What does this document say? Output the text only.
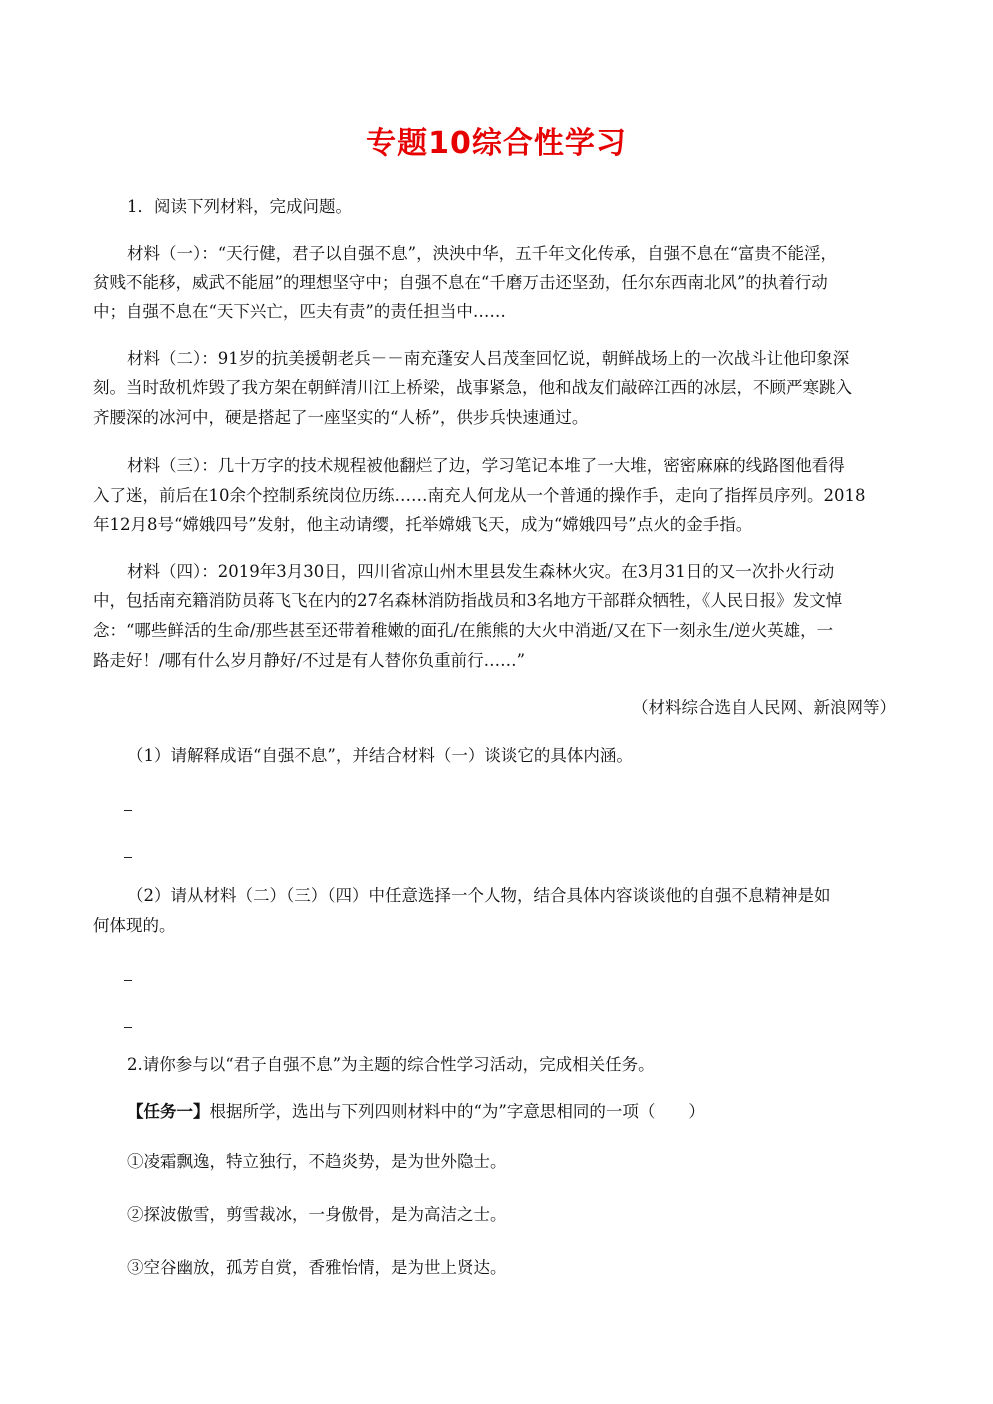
专题10综合性学习
1．阅读下列材料，完成问题。
材料（一）：“天行健，君子以自强不息”，泱泱中华，五千年文化传承，自强不息在“富贵不能淫，
贫贱不能移，威武不能屈”的理想坚守中；自强不息在“千磨万击还坚劲，任尔东西南北风”的执着行动
中；自强不息在“天下兴亡，匹夫有责”的责任担当中……
材料（二）：91岁的抗美援朝老兵－－南充蓬安人吕茂奎回忆说，朝鲜战场上的一次战斗让他印象深
刻。当时敌机炸毁了我方架在朝鲜清川江上桥梁，战事紧急，他和战友们敲碎江西的冰层，不顾严寒跳入
齐腰深的冰河中，硬是搭起了一座坚实的“人桥”，供步兵快速通过。
材料（三）：几十万字的技术规程被他翻烂了边，学习笔记本堆了一大堆，密密麻麻的线路图他看得
入了迷，前后在10余个控制系统岗位历练……南充人何龙从一个普通的操作手，走向了指挥员序列。2018
年12月8号“嫦娥四号”发射，他主动请缨，托举嫦娥飞天，成为“嫦娥四号”点火的金手指。
材料（四）：2019年3月30日，四川省凉山州木里县发生森林火灾。在3月31日的又一次扑火行动
中，包括南充籍消防员蒋飞飞在内的27名森林消防指战员和3名地方干部群众牺牲，《人民日报》发文悼
念：“哪些鲜活的生命/那些甚至还带着稚嫩的面孔/在熊熊的大火中消逝/又在下一刻永生/逆火英雄，一
路走好！/哪有什么岁月静好/不过是有人替你负重前行……”
（材料综合选自人民网、新浪网等）
（1）请解释成语“自强不息”，并结合材料（一）谈谈它的具体内涵。
（2）请从材料（二）（三）（四）中任意选择一个人物，结合具体内容谈谈他的自强不息精神是如
何体现的。
2.请你参与以“君子自强不息”为主题的综合性学习活动，完成相关任务。
【任务一】根据所学，选出与下列四则材料中的“为”字意思相同的一项（　　）
①凌霜飘逸，特立独行，不趋炎势，是为世外隐士。
②探波傲雪，剪雪裁冰，一身傲骨，是为高洁之士。
③空谷幽放，孤芳自赏，香雅怡情，是为世上贤达。
